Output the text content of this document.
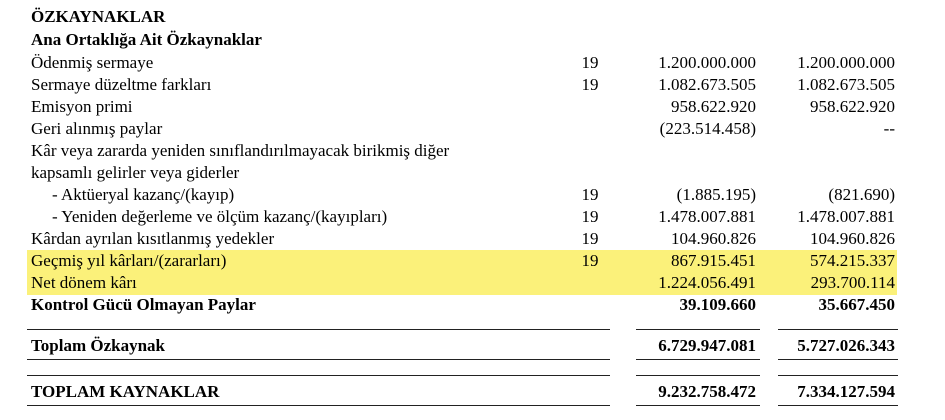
ÖZKAYNAKLAR
Ana Ortaklığa Ait Özkaynaklar
Ödenmiş sermaye	19	1.200.000.000 1.200.000.000
Sermaye düzeltme farkları	19	1.082.673.505 1.082.673.505
Emisyon primi	958.622.920	958.622.920
Geri alınmış paylar	(223.514.458)	--
Kâr veya zararda yeniden sınıflandırılmayacak birikmiş diğer
kapsamlı gelirler veya giderler
- Aktüeryal kazanç/(kayıp)	19	(1.885.195)	(821.690)
- Yeniden değerleme ve ölçüm kazanç/(kayıpları)	19	1.478.007.881 1.478.007.881
Kârdan ayrılan kısıtlanmış yedekler	19	104.960.826	104.960.826
Geçmiş yıl kârları/(zararları)	19	867.915.451	574.215.337
Net dönem kârı	1.224.056.491	293.700.114
Kontrol Gücü Olmayan Paylar	39.109.660	35.667.450
Toplam Özkaynak	6.729.947.081 5.727.026.343
TOPLAM KAYNAKLAR	9.232.758.472 7.334.127.594
